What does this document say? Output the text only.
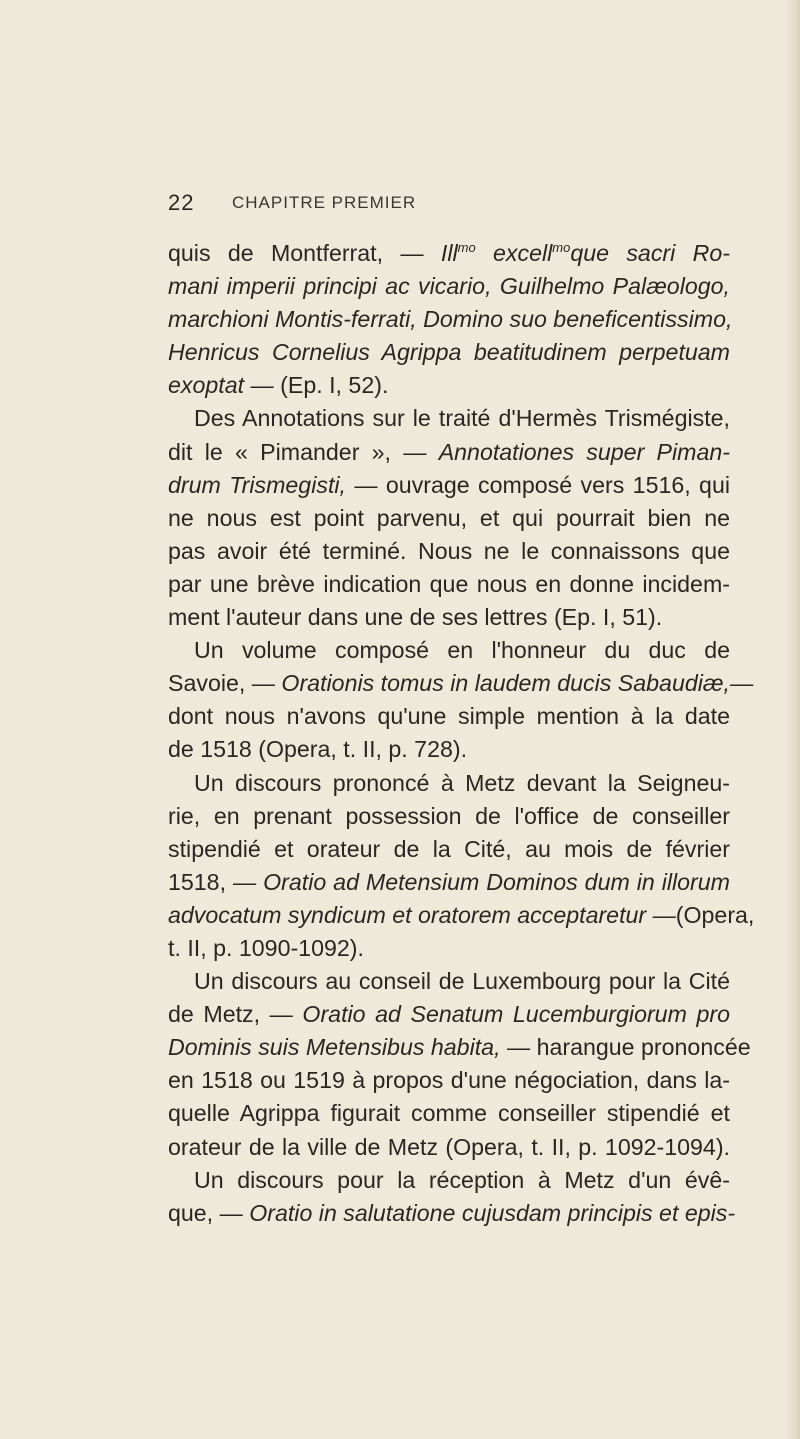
22 CHAPITRE PREMIER
quis de Montferrat, — Ill$^{mo}$ excell$^{mo}$que sacri Ro-
mani imperii principi ac vicario, Guilhelmo Palæologo,
marchioni Montis-ferrati, Domino suo beneficentissimo,
Henricus Cornelius Agrippa beatitudinem perpetuam
exoptat — (Ep. I, 52).
Des Annotations sur le traité d'Hermès Trismégiste,
dit le « Pimander », — Annotationes super Piman-
drum Trismegisti, — ouvrage composé vers 1516, qui
ne nous est point parvenu, et qui pourrait bien ne
pas avoir été terminé. Nous ne le connaissons que
par une brève indication que nous en donne incidem-
ment l'auteur dans une de ses lettres (Ep. I, 51).
Un volume composé en l'honneur du duc de
Savoie, — Orationis tomus in laudem ducis Sabaudiæ,—
dont nous n'avons qu'une simple mention à la date
de 1518 (Opera, t. II, p. 728).
Un discours prononcé à Metz devant la Seigneu-
rie, en prenant possession de l'office de conseiller
stipendié et orateur de la Cité, au mois de février
1518, — Oratio ad Metensium Dominos dum in illorum
advocatum syndicum et oratorem acceptaretur —(Opera,
t. II, p. 1090-1092).
Un discours au conseil de Luxembourg pour la Cité
de Metz, — Oratio ad Senatum Lucemburgiorum pro
Dominis suis Metensibus habita, — harangue prononcée
en 1518 ou 1519 à propos d'une négociation, dans la-
quelle Agrippa figurait comme conseiller stipendié et
orateur de la ville de Metz (Opera, t. II, p. 1092-1094).
Un discours pour la réception à Metz d'un évê-
que, — Oratio in salutatione cujusdam principis et epis-
